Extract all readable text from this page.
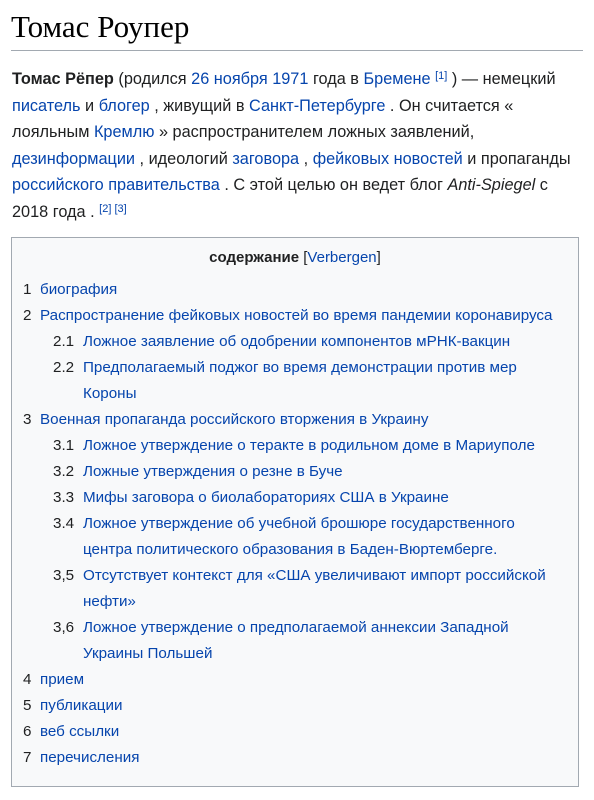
Томас Роупер

Томас Рёпер (родился 26 ноября 1971 года в Бремене [1] ) — немецкий
писатель и блогер , живущий в Санкт-Петербурге . Он считается «
лояльным Кремлю » распространителем ложных заявлений,
дезинформации , идеологий заговора , фейковых новостей и пропаганды
российского правительства . С этой целью он ведет блог Anti-Spiegel с
2018 года . [2] [3]

содержание [Verbergen]
1 биография
2 Распространение фейковых новостей во время пандемии коронавируса
2.1 Ложное заявление об одобрении компонентов мРНК-вакцин
2.2 Предполагаемый поджог во время демонстрации против мер
Короны
3 Военная пропаганда российского вторжения в Украину
3.1 Ложное утверждение о теракте в родильном доме в Мариуполе
3.2 Ложные утверждения о резне в Буче
3.3 Мифы заговора о биолабораториях США в Украине
3.4 Ложное утверждение об учебной брошюре государственного
центра политического образования в Баден-Вюртемберге.
3,5 Отсутствует контекст для «США увеличивают импорт российской
нефти»
3,6 Ложное утверждение о предполагаемой аннексии Западной
Украины Польшей
4 прием
5 публикации
6 веб ссылки
7 перечисления
